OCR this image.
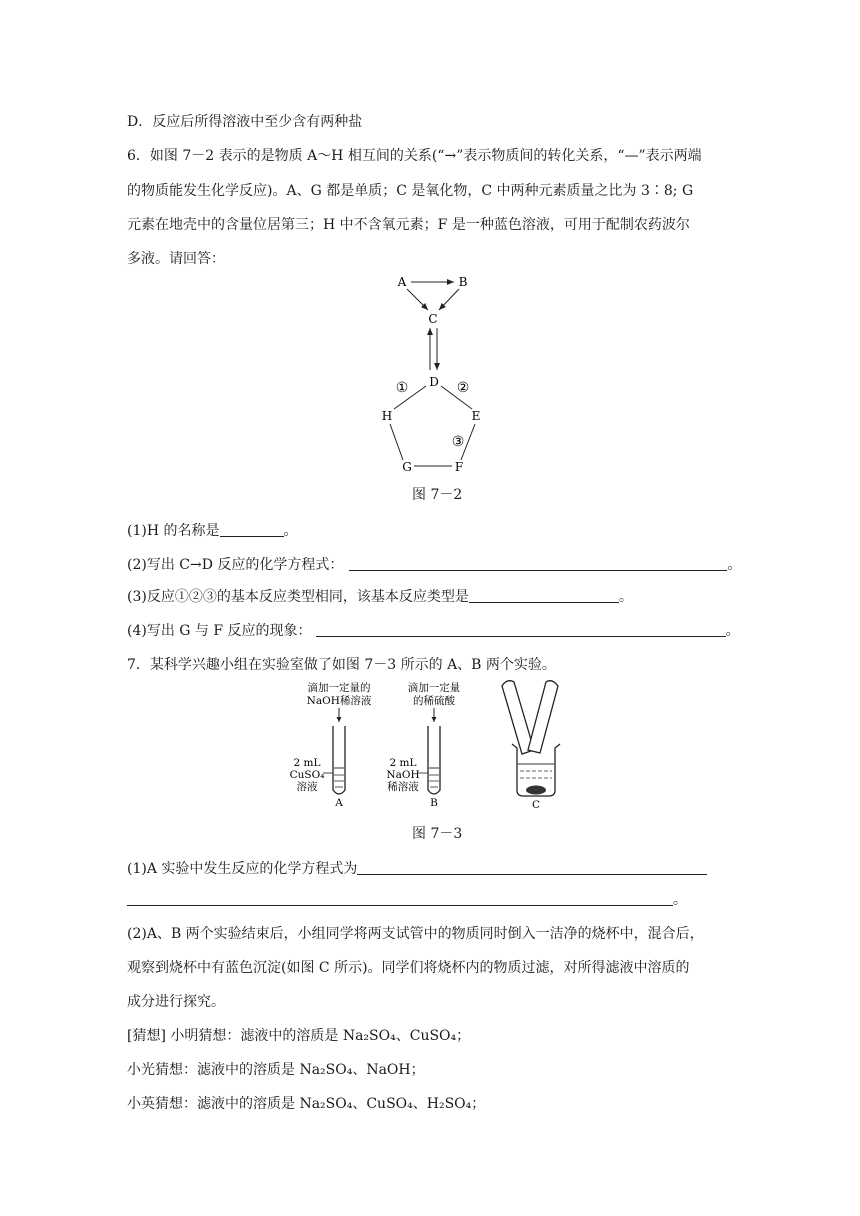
D．反应后所得溶液中至少含有两种盐
6．如图 7－2 表示的是物质 A～H 相互间的关系(“→”表示物质间的转化关系，“—”表示两端
的物质能发生化学反应)。A、G 都是单质；C 是氧化物，C 中两种元素质量之比为 3∶8; G
元素在地壳中的含量位居第三；H 中不含氧元素；F 是一种蓝色溶液，可用于配制农药波尔
多液。请回答：
A	B
C
D
H	E
G	F
①	②
③
图 7－2
(1)H 的名称是	。
(2)写出 C→D 反应的化学方程式：	。
(3)反应①②③的基本反应类型相同，该基本反应类型是	。
(4)写出 G 与 F 反应的现象：	。
7．某科学兴趣小组在实验室做了如图 7－3 所示的 A、B 两个实验。
滴加一定量的
NaOH稀溶液
2 mL
CuSO₄
溶液
A
滴加一定量
的稀硫酸
2 mL
NaOH
稀溶液
B	C
图 7－3
(1)A 实验中发生反应的化学方程式为
。
(2)A、B 两个实验结束后，小组同学将两支试管中的物质同时倒入一洁净的烧杯中，混合后，
观察到烧杯中有蓝色沉淀(如图 C 所示)。同学们将烧杯内的物质过滤，对所得滤液中溶质的
成分进行探究。
[猜想] 小明猜想：滤液中的溶质是 Na₂SO₄、CuSO₄；
小光猜想：滤液中的溶质是 Na₂SO₄、NaOH；
小英猜想：滤液中的溶质是 Na₂SO₄、CuSO₄、H₂SO₄；
